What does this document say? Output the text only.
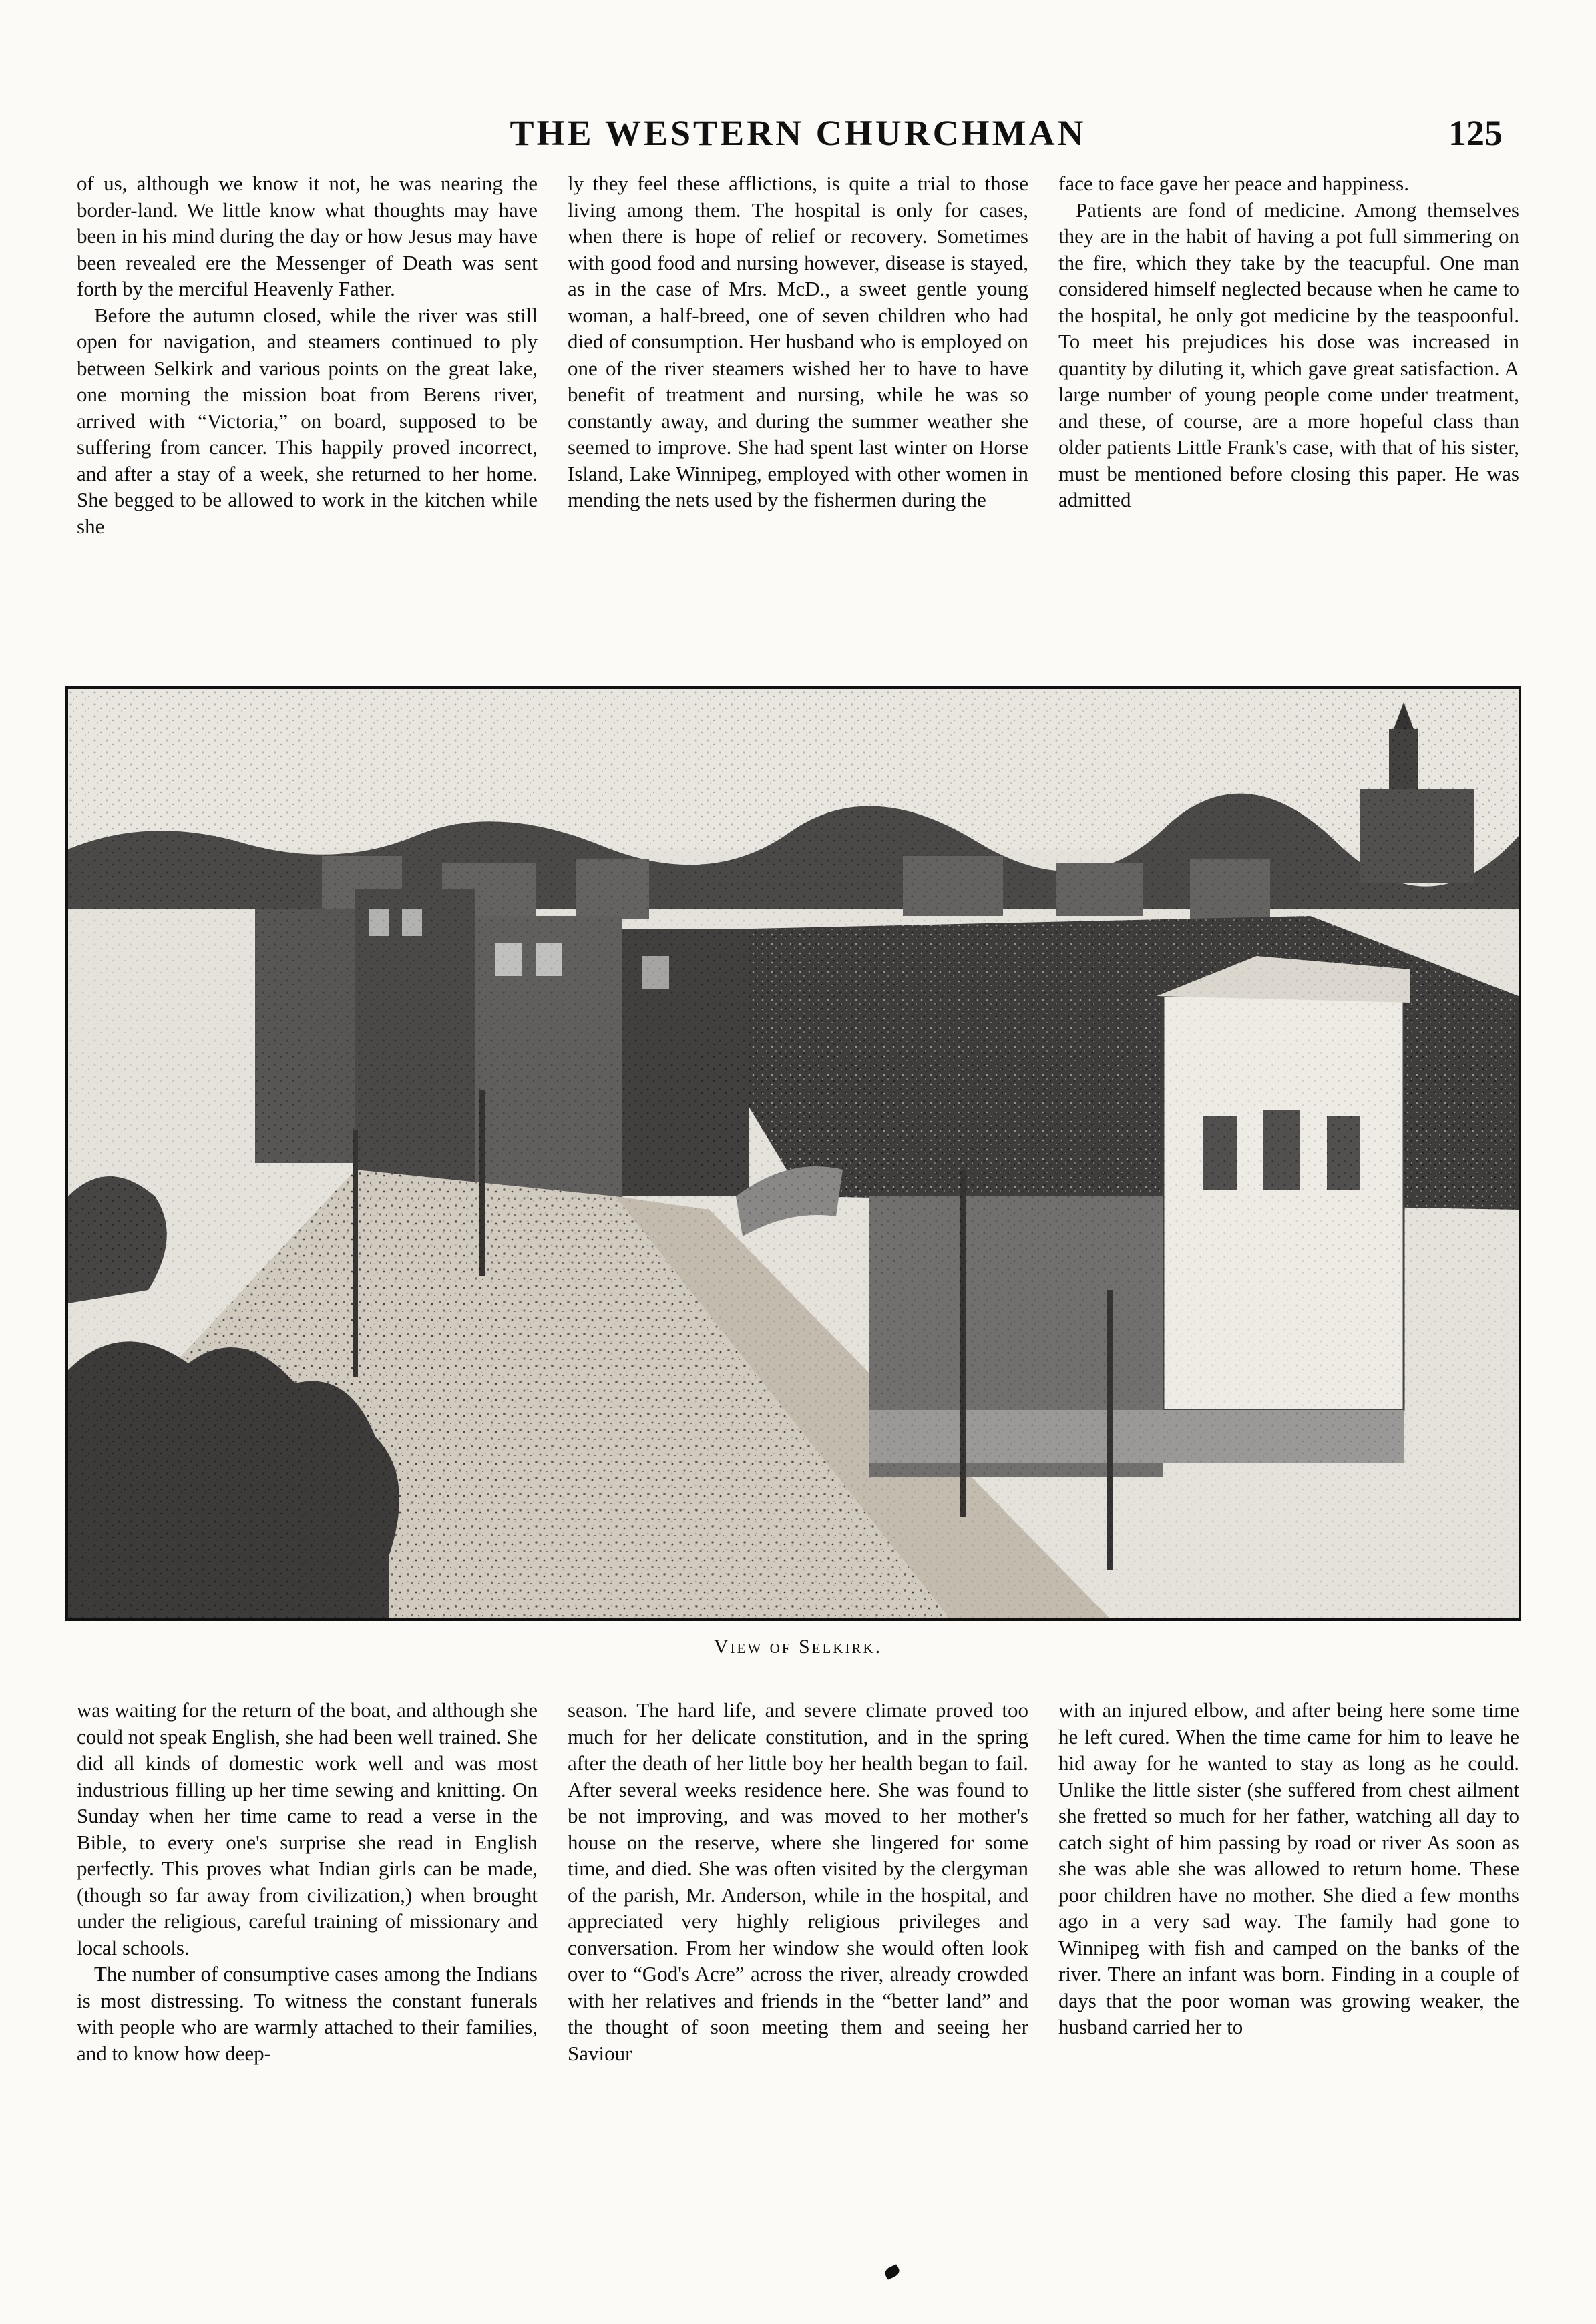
THE WESTERN CHURCHMAN	125

of us, although we know it not, he was nearing the border-land. We little know what thoughts may have been in his mind during the day or how Jesus may have been revealed ere the Messenger of Death was sent forth by the merciful Heavenly Father.

Before the autumn closed, while the river was still open for navigation, and steamers continued to ply between Selkirk and various points on the great lake, one morning the mission boat from Berens river, arrived with “Victoria,” on board, supposed to be suffering from cancer. This happily proved incorrect, and after a stay of a week, she returned to her home. She begged to be allowed to work in the kitchen while she

ly they feel these afflictions, is quite a trial to those living among them. The hospital is only for cases, when there is hope of relief or recovery. Sometimes with good food and nursing however, disease is stayed, as in the case of Mrs. McD., a sweet gentle young woman, a half-breed, one of seven children who had died of consumption. Her husband who is employed on one of the river steamers wished her to have to have benefit of treatment and nursing, while he was so constantly away, and during the summer weather she seemed to improve. She had spent last winter on Horse Island, Lake Winnipeg, employed with other women in mending the nets used by the fishermen during the

face to face gave her peace and happiness.

Patients are fond of medicine. Among themselves they are in the habit of having a pot full simmering on the fire, which they take by the teacupful. One man considered himself neglected because when he came to the hospital, he only got medicine by the teaspoonful. To meet his prejudices his dose was increased in quantity by diluting it, which gave great satisfaction. A large number of young people come under treatment, and these, of course, are a more hopeful class than older patients Little Frank's case, with that of his sister, must be mentioned before closing this paper. He was admitted

View of Selkirk.

was waiting for the return of the boat, and although she could not speak English, she had been well trained. She did all kinds of domestic work well and was most industrious filling up her time sewing and knitting. On Sunday when her time came to read a verse in the Bible, to every one's surprise she read in English perfectly. This proves what Indian girls can be made, (though so far away from civilization,) when brought under the religious, careful training of missionary and local schools.

The number of consumptive cases among the Indians is most distressing. To witness the constant funerals with people who are warmly attached to their families, and to know how deep-

season. The hard life, and severe climate proved too much for her delicate constitution, and in the spring after the death of her little boy her health began to fail. After several weeks residence here. She was found to be not improving, and was moved to her mother's house on the reserve, where she lingered for some time, and died. She was often visited by the clergyman of the parish, Mr. Anderson, while in the hospital, and appreciated very highly religious privileges and conversation. From her window she would often look over to “God's Acre” across the river, already crowded with her relatives and friends in the “better land” and the thought of soon meeting them and seeing her Saviour

with an injured elbow, and after being here some time he left cured. When the time came for him to leave he hid away for he wanted to stay as long as he could. Unlike the little sister (she suffered from chest ailment she fretted so much for her father, watching all day to catch sight of him passing by road or river As soon as she was able she was allowed to return home. These poor children have no mother. She died a few months ago in a very sad way. The family had gone to Winnipeg with fish and camped on the banks of the river. There an infant was born. Finding in a couple of days that the poor woman was growing weaker, the husband carried her to
